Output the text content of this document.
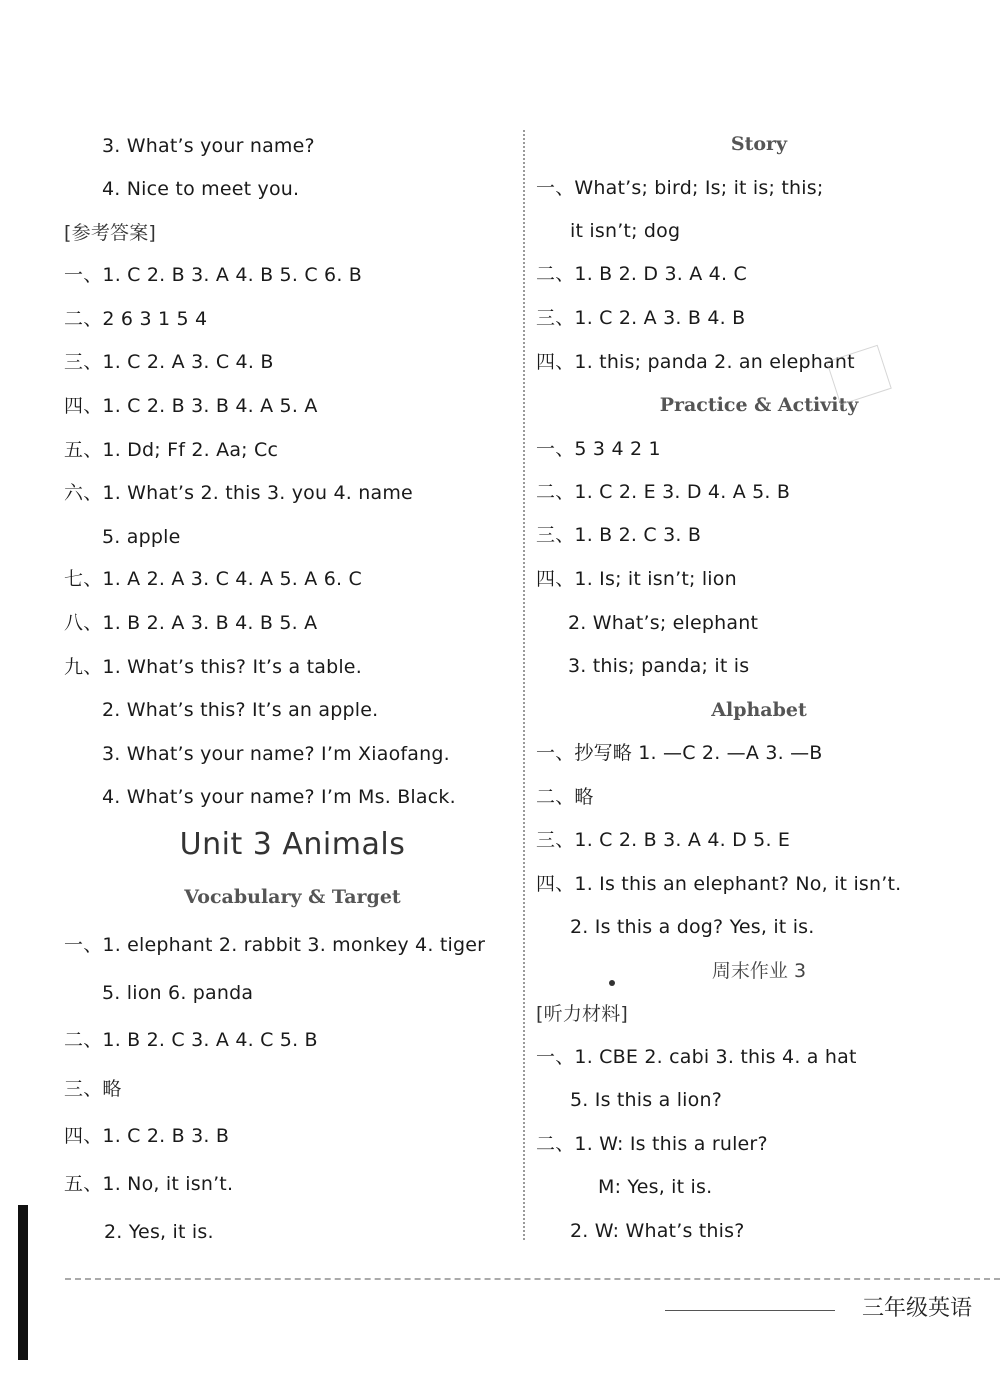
3. What’s your name?
4. Nice to meet you.
[参考答案]
一、1. C 2. B 3. A 4. B 5. C 6. B
二、2 6 3 1 5 4
三、1. C 2. A 3. C 4. B
四、1. C 2. B 3. B 4. A 5. A
五、1. Dd; Ff 2. Aa; Cc
六、1. What’s 2. this 3. you 4. name
5. apple
七、1. A 2. A 3. C 4. A 5. A 6. C
八、1. B 2. A 3. B 4. B 5. A
九、1. What’s this? It’s a table.
2. What’s this? It’s an apple.
3. What’s your name? I’m Xiaofang.
4. What’s your name? I’m Ms. Black.
Unit 3 Animals
Vocabulary & Target
一、1. elephant 2. rabbit 3. monkey 4. tiger
5. lion 6. panda
二、1. B 2. C 3. A 4. C 5. B
三、略
四、1. C 2. B 3. B
五、1. No, it isn’t.
2. Yes, it is.
Story
一、What’s; bird; Is; it is; this;
it isn’t; dog
二、1. B 2. D 3. A 4. C
三、1. C 2. A 3. B 4. B
四、1. this; panda 2. an elephant
Practice & Activity
一、5 3 4 2 1
二、1. C 2. E 3. D 4. A 5. B
三、1. B 2. C 3. B
四、1. Is; it isn’t; lion
2. What’s; elephant
3. this; panda; it is
Alphabet
一、抄写略 1. —C 2. —A 3. —B
二、略
三、1. C 2. B 3. A 4. D 5. E
四、1. Is this an elephant? No, it isn’t.
2. Is this a dog? Yes, it is.
周末作业 3
[听力材料]
一、1. CBE 2. cabi 3. this 4. a hat
5. Is this a lion?
二、1. W: Is this a ruler?
M: Yes, it is.
2. W: What’s this?
三年级英语
